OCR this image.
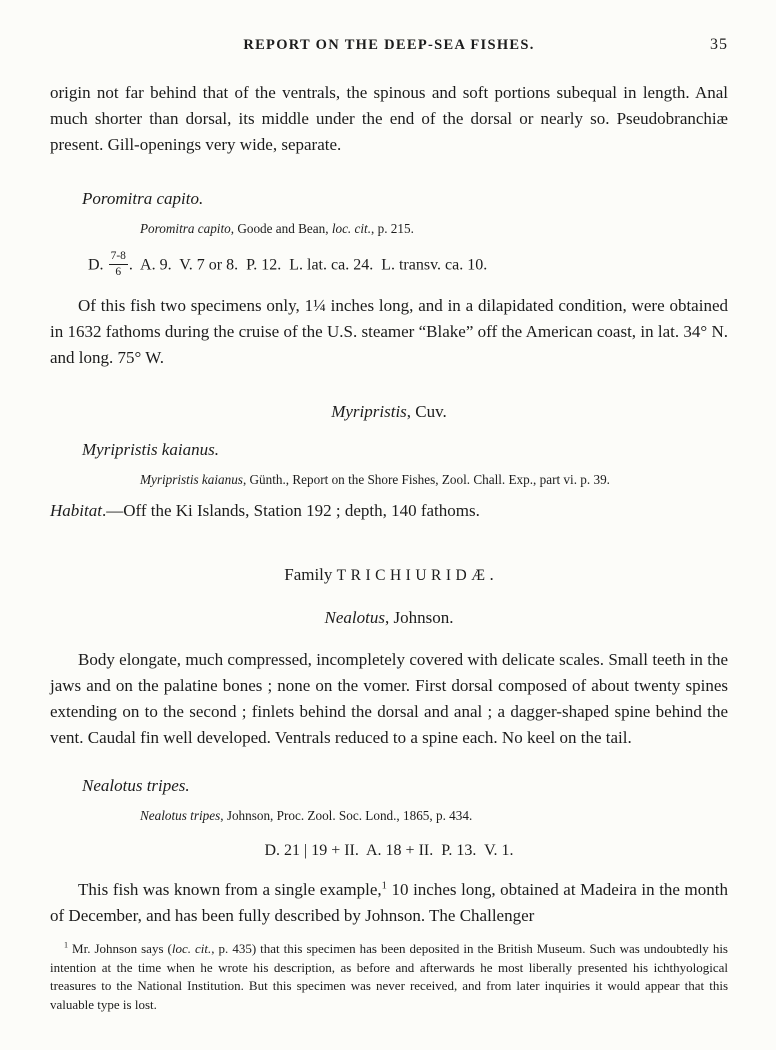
REPORT ON THE DEEP-SEA FISHES.	35

origin not far behind that of the ventrals, the spinous and soft portions subequal in length. Anal much shorter than dorsal, its middle under the end of the dorsal or nearly so. Pseudobranchiæ present. Gill-openings very wide, separate.

Poromitra capito.

Poromitra capito, Goode and Bean, loc. cit., p. 215.

D. $\frac{7-8}{6}$ .  A. 9.  V. 7 or 8.  P. 12.  L. lat. ca. 24.  L. transv. ca. 10.

Of this fish two specimens only, 1¼ inches long, and in a dilapidated condition, were obtained in 1632 fathoms during the cruise of the U.S. steamer “Blake” off the American coast, in lat. 34° N. and long. 75° W.

Myripristis, Cuv.
Myripristis kaianus.

Myripristis kaianus, Günth., Report on the Shore Fishes, Zool. Chall. Exp., part vi. p. 39.

Habitat.—Off the Ki Islands, Station 192 ; depth, 140 fathoms.

Family TRICHIURIDÆ.
Nealotus, Johnson.

Body elongate, much compressed, incompletely covered with delicate scales. Small teeth in the jaws and on the palatine bones ; none on the vomer. First dorsal composed of about twenty spines extending on to the second ; finlets behind the dorsal and anal ; a dagger-shaped spine behind the vent. Caudal fin well developed. Ventrals reduced to a spine each. No keel on the tail.

Nealotus tripes.

Nealotus tripes, Johnson, Proc. Zool. Soc. Lond., 1865, p. 434.

D. 21 | 19 + II.  A. 18 + II.  P. 13.  V. 1.

This fish was known from a single example,$^1$ 10 inches long, obtained at Madeira in the month of December, and has been fully described by Johnson. The Challenger

$^1$ Mr. Johnson says (loc. cit., p. 435) that this specimen has been deposited in the British Museum. Such was undoubtedly his intention at the time when he wrote his description, as before and afterwards he most liberally presented his ichthyological treasures to the National Institution. But this specimen was never received, and from later inquiries it would appear that this valuable type is lost.
